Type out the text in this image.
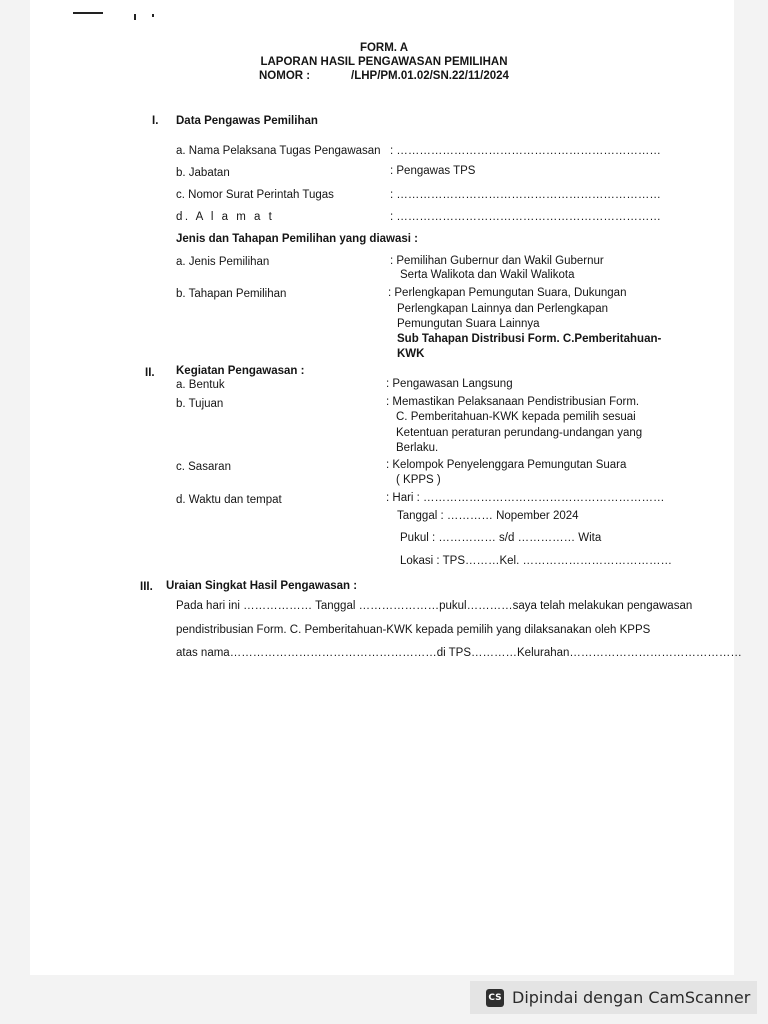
FORM. A
LAPORAN HASIL PENGAWASAN PEMILIHAN
NOMOR :	/LHP/PM.01.02/SN.22/11/2024
I. Data Pengawas Pemilihan
a. Nama Pelaksana Tugas Pengawasan : ……………………………………………………………
b. Jabatan	: Pengawas TPS
c. Nomor Surat Perintah Tugas	: ……………………………………………………………
d. A l a m a t	: ……………………………………………………………
Jenis dan Tahapan Pemilihan yang diawasi :
a. Jenis Pemilihan	: Pemilihan Gubernur dan Wakil Gubernur
Serta Walikota dan Wakil Walikota
b. Tahapan Pemilihan	: Perlengkapan Pemungutan Suara, Dukungan
Perlengkapan Lainnya dan Perlengkapan
Pemungutan Suara Lainnya
Sub Tahapan Distribusi Form. C.Pemberitahuan-
KWK
II. Kegiatan Pengawasan :
a. Bentuk	: Pengawasan Langsung
b. Tujuan	: Memastikan Pelaksanaan Pendistribusian Form.
C. Pemberitahuan-KWK kepada pemilih sesuai
Ketentuan peraturan perundang-undangan yang
Berlaku.
c. Sasaran	: Kelompok Penyelenggara Pemungutan Suara
( KPPS )
d. Waktu dan tempat	: Hari : ………………………………………………………
Tanggal : ………… Nopember 2024
Pukul : …………… s/d …………… Wita
Lokasi : TPS………Kel. …………………………………
III. Uraian Singkat Hasil Pengawasan :
Pada hari ini ……………… Tanggal …………………pukul…………saya telah melakukan pengawasan
pendistribusian Form. C. Pemberitahuan-KWK kepada pemilih yang dilaksanakan oleh KPPS
atas nama………………………………………………di TPS…………Kelurahan………………………………………
CS Dipindai dengan CamScanner
